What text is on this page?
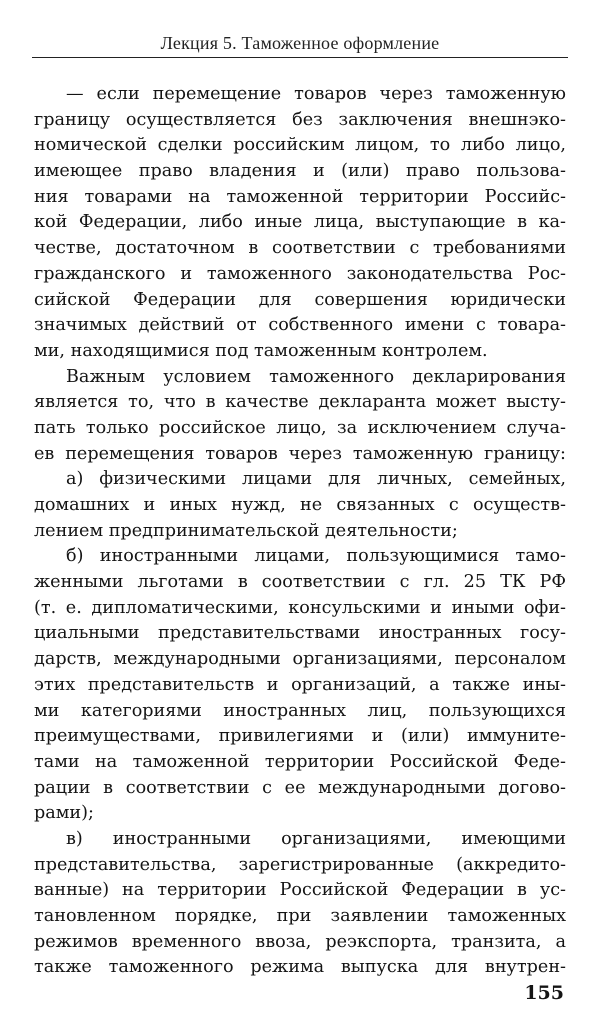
Лекция 5. Таможенное оформление
— если перемещение товаров через таможенную
границу осуществляется без заключения внешнэко-
номической сделки российским лицом, то либо лицо,
имеющее право владения и (или) право пользова-
ния товарами на таможенной территории Российс-
кой Федерации, либо иные лица, выступающие в ка-
честве, достаточном в соответствии с требованиями
гражданского и таможенного законодательства Рос-
сийской Федерации для совершения юридически
значимых действий от собственного имени с товара-
ми, находящимися под таможенным контролем.
Важным условием таможенного декларирования
является то, что в качестве декларанта может высту-
пать только российское лицо, за исключением случа-
ев перемещения товаров через таможенную границу:
а) физическими лицами для личных, семейных,
домашних и иных нужд, не связанных с осуществ-
лением предпринимательской деятельности;
б) иностранными лицами, пользующимися тамо-
женными льготами в соответствии с гл. 25 ТК РФ
(т. е. дипломатическими, консульскими и иными офи-
циальными представительствами иностранных госу-
дарств, международными организациями, персоналом
этих представительств и организаций, а также ины-
ми категориями иностранных лиц, пользующихся
преимуществами, привилегиями и (или) иммуните-
тами на таможенной территории Российской Феде-
рации в соответствии с ее международными догово-
рами);
в) иностранными организациями, имеющими
представительства, зарегистрированные (аккредито-
ванные) на территории Российской Федерации в ус-
тановленном порядке, при заявлении таможенных
режимов временного ввоза, реэкспорта, транзита, а
также таможенного режима выпуска для внутрен-
155
